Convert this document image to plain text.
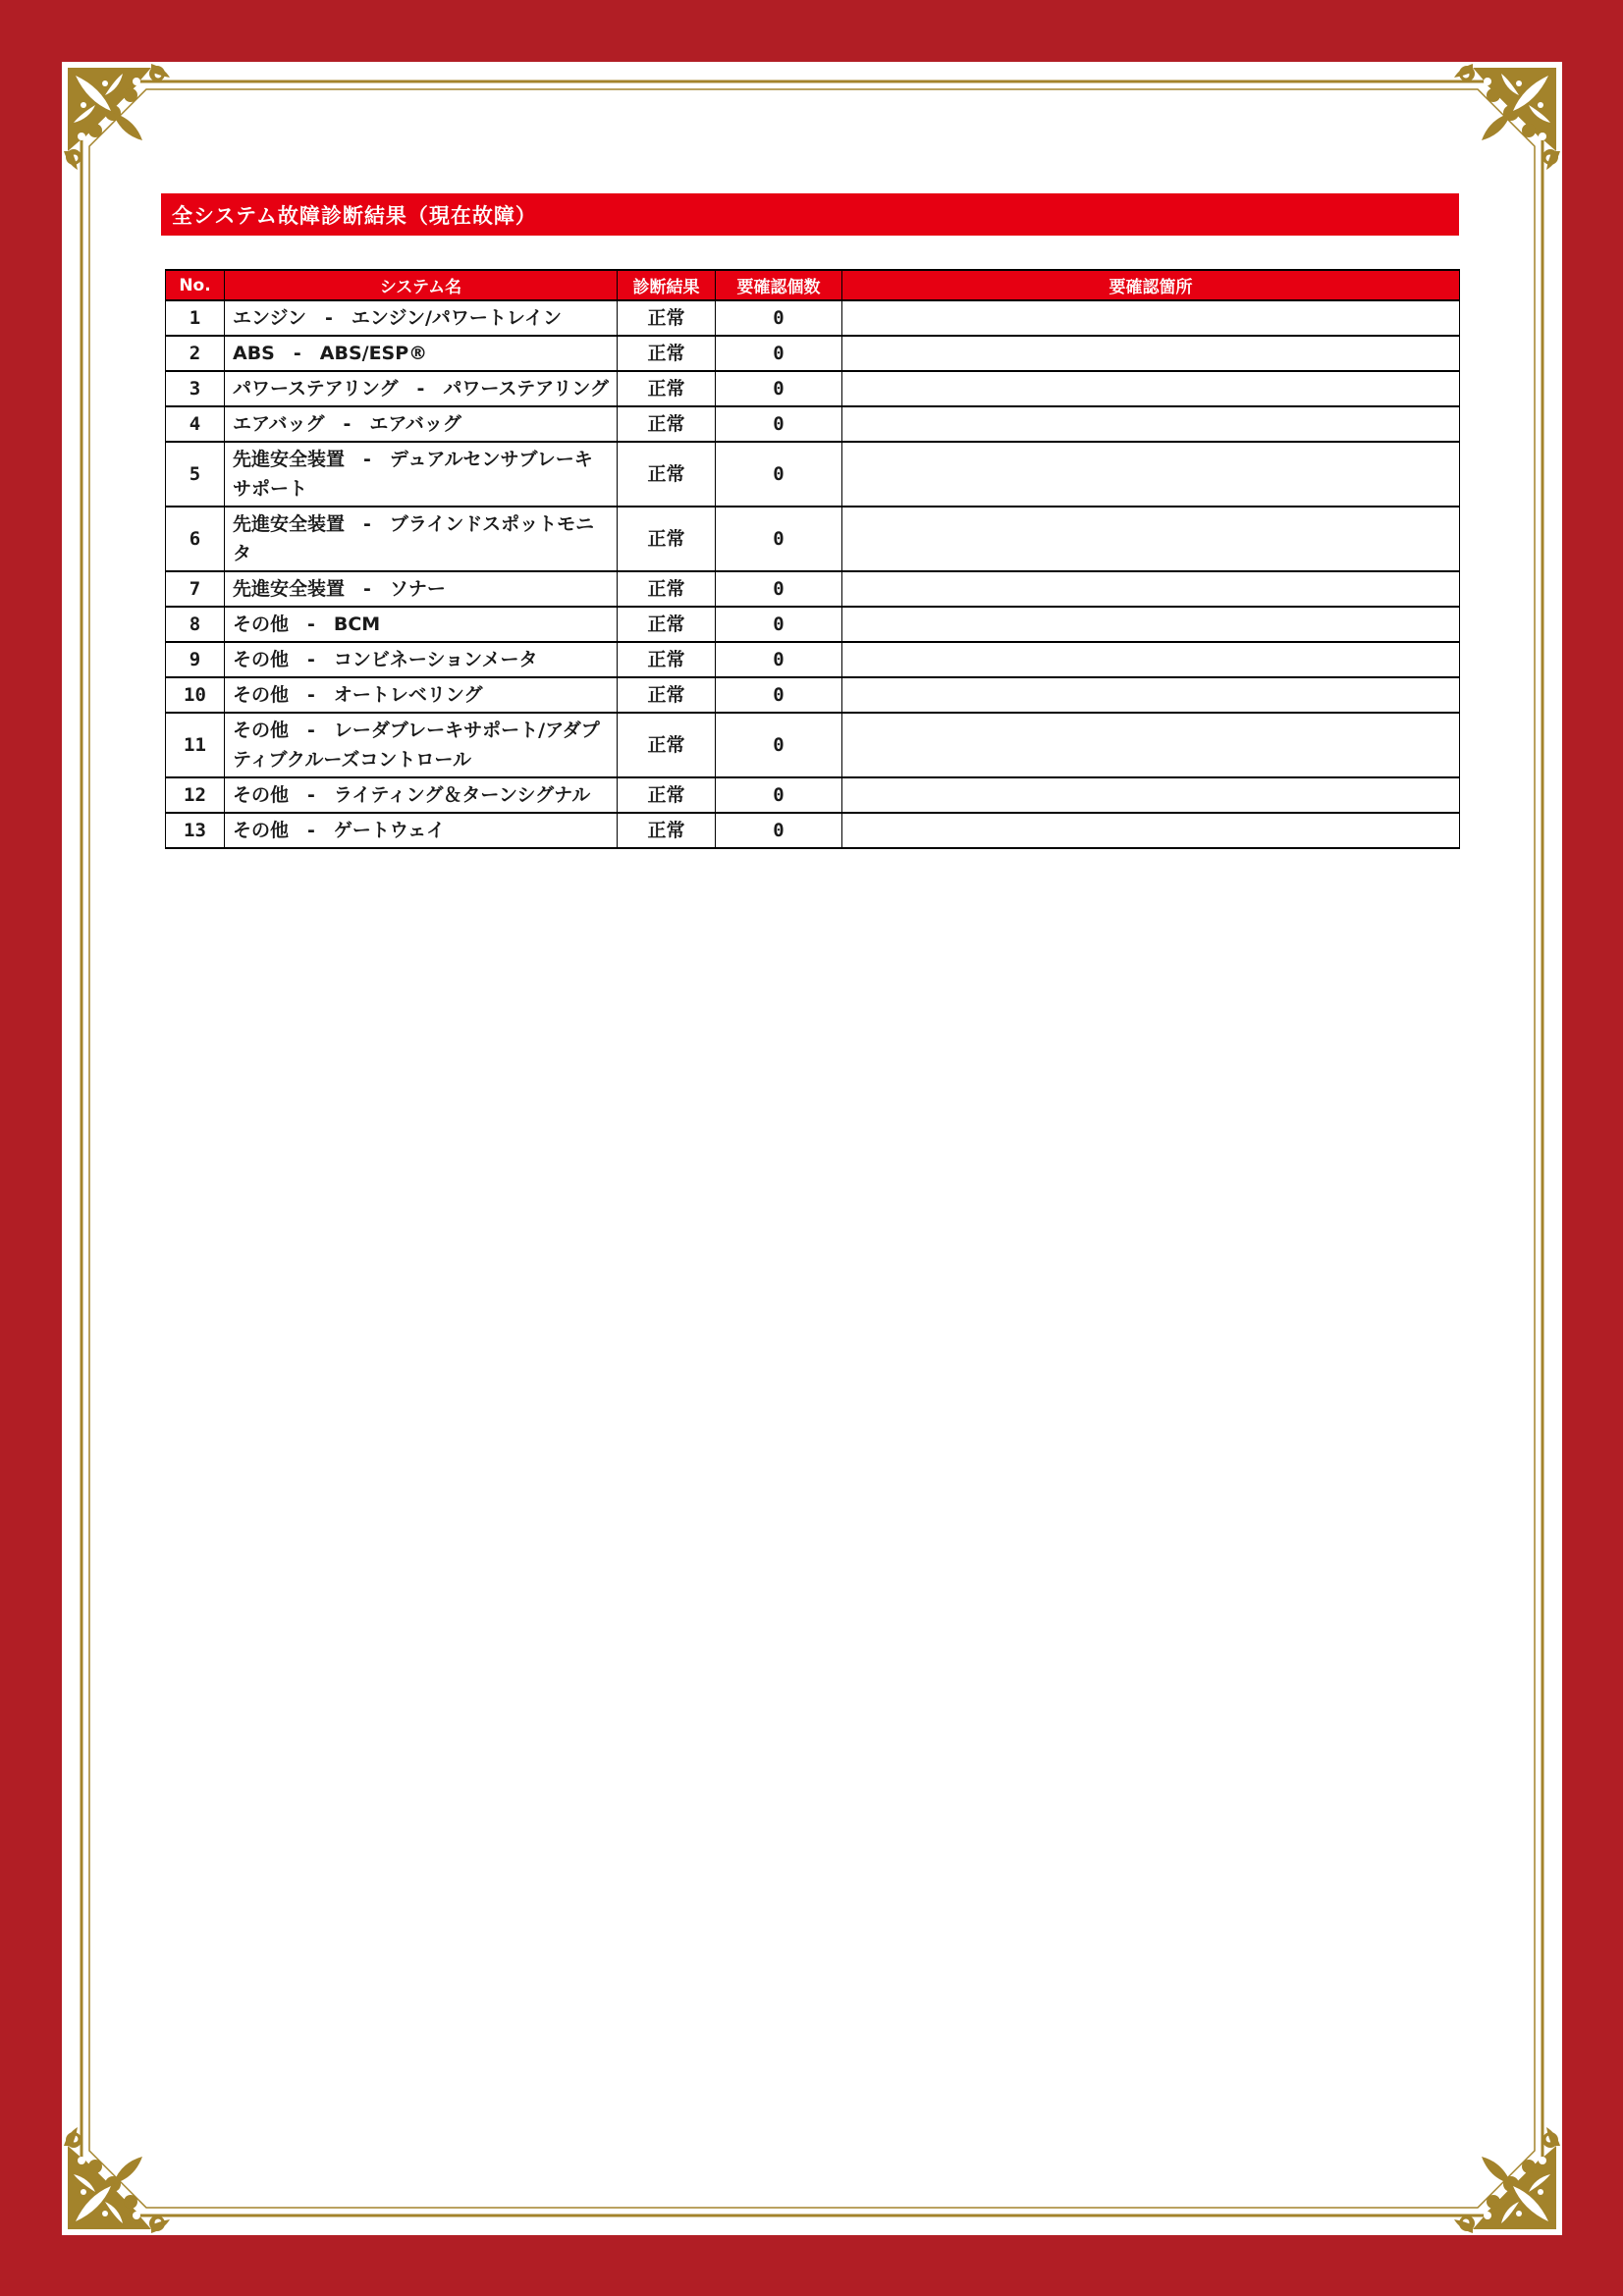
全システム故障診断結果（現在故障）
No.	システム名	診断結果	要確認個数	要確認箇所
1	エンジン　-　エンジン/パワートレイン	正常	0	
2	ABS　-　ABS/ESP®	正常	0	
3	パワーステアリング　-　パワーステアリング	正常	0	
4	エアバッグ　-　エアバッグ	正常	0	
5	先進安全装置　-　デュアルセンサブレーキサポート	正常	0	
6	先進安全装置　-　ブラインドスポットモニタ	正常	0	
7	先進安全装置　-　ソナー	正常	0	
8	その他　-　BCM	正常	0	
9	その他　-　コンビネーションメータ	正常	0	
10	その他　-　オートレベリング	正常	0	
11	その他　-　レーダブレーキサポート/アダプティブクルーズコントロール	正常	0	
12	その他　-　ライティング＆ターンシグナル	正常	0	
13	その他　-　ゲートウェイ	正常	0	
